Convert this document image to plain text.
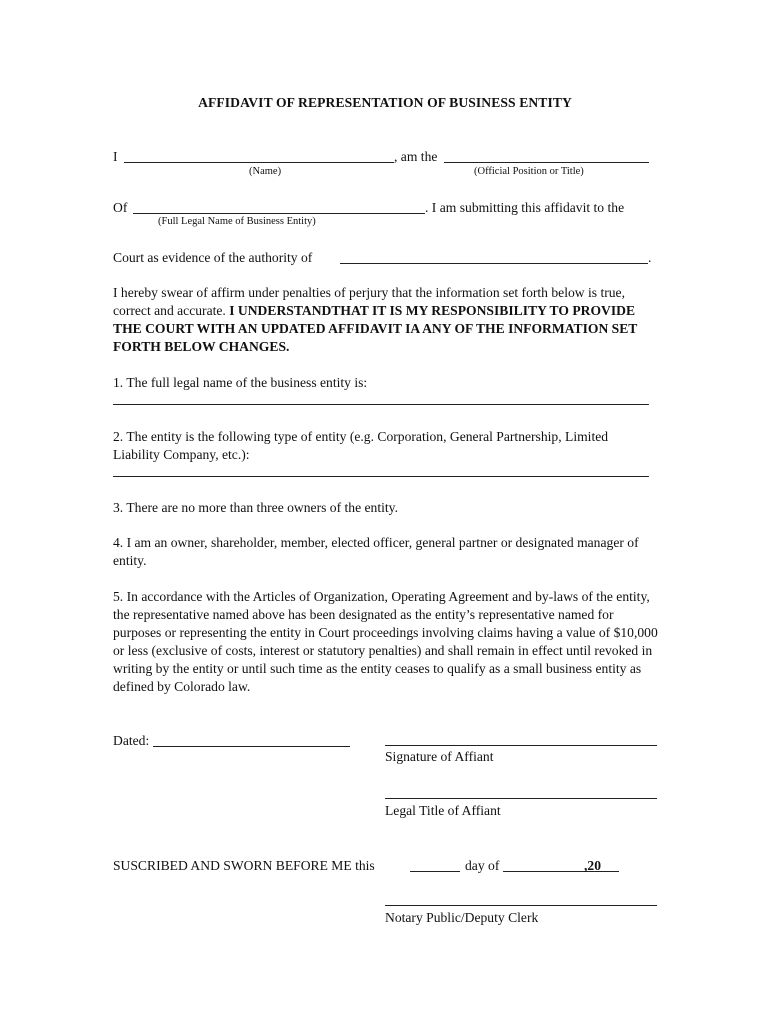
AFFIDAVIT OF REPRESENTATION OF BUSINESS ENTITY
I	, am the
(Name)	(Official Position or Title)
Of	. I am submitting this affidavit to the
(Full Legal Name of Business Entity)
Court as evidence of the authority of	.
I hereby swear of affirm under penalties of perjury that the information set forth below is true, correct and accurate. I UNDERSTANDTHAT IT IS MY RESPONSIBILITY TO PROVIDE THE COURT WITH AN UPDATED AFFIDAVIT IA ANY OF THE INFORMATION SET FORTH BELOW CHANGES.
1. The full legal name of the business entity is:
2. The entity is the following type of entity (e.g. Corporation, General Partnership, Limited Liability Company, etc.):
3. There are no more than three owners of the entity.
4. I am an owner, shareholder, member, elected officer, general partner or designated manager of entity.
5. In accordance with the Articles of Organization, Operating Agreement and by-laws of the entity, the representative named above has been designated as the entity’s representative named for purposes or representing the entity in Court proceedings involving claims having a value of $10,000 or less (exclusive of costs, interest or statutory penalties) and shall remain in effect until revoked in writing by the entity or until such time as the entity ceases to qualify as a small business entity as defined by Colorado law.
Dated:
Signature of Affiant
Legal Title of Affiant
SUSCRIBED AND SWORN BEFORE ME this	day of	,20
Notary Public/Deputy Clerk
